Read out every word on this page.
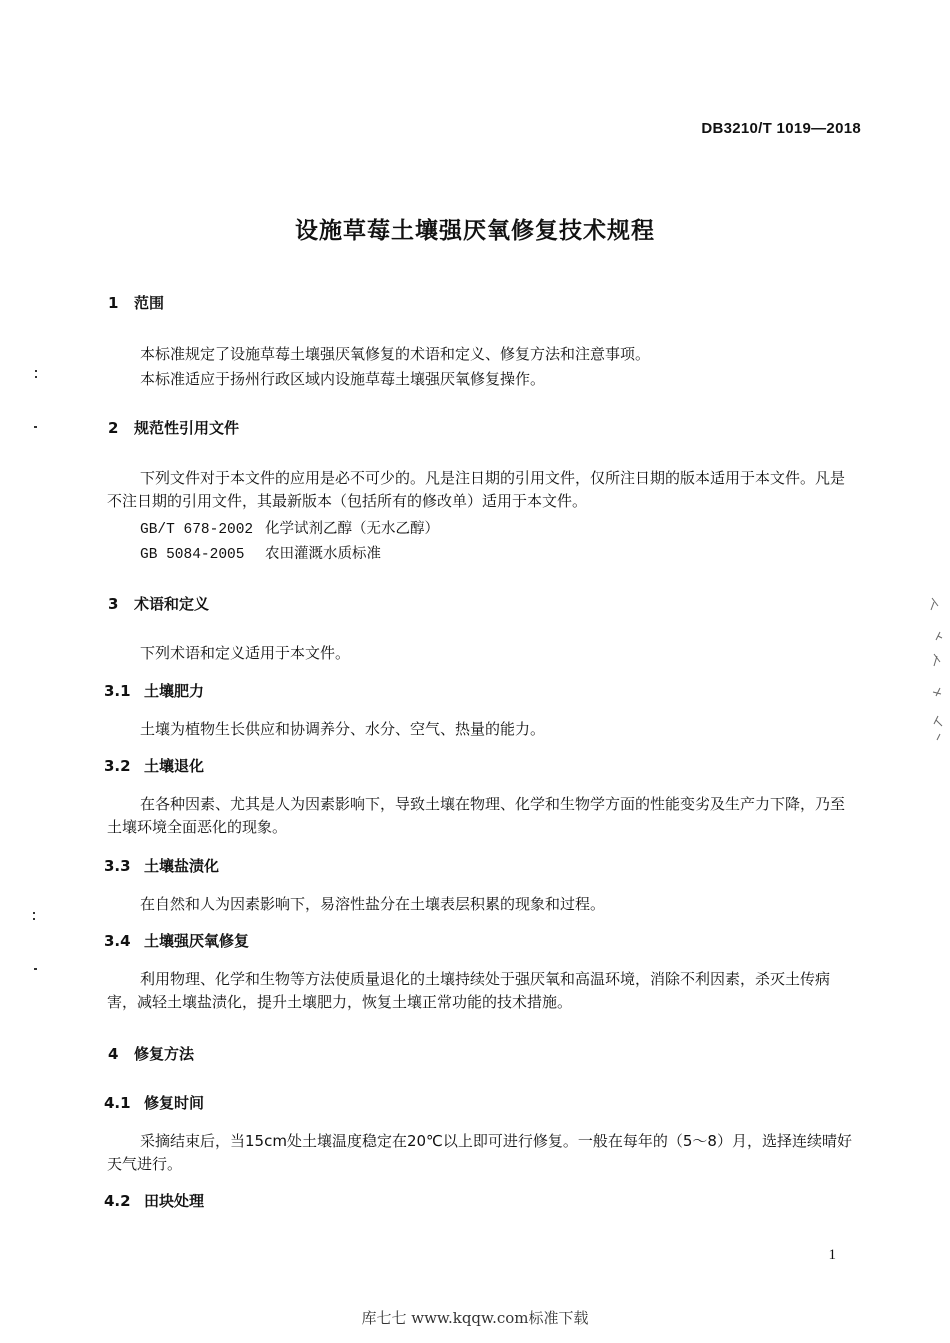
DB3210/T 1019—2018
设施草莓土壤强厌氧修复技术规程
1 范围
本标准规定了设施草莓土壤强厌氧修复的术语和定义、修复方法和注意事项。
本标准适应于扬州行政区域内设施草莓土壤强厌氧修复操作。
2 规范性引用文件
下列文件对于本文件的应用是必不可少的。凡是注日期的引用文件，仅所注日期的版本适用于本文件。凡是不注日期的引用文件，其最新版本（包括所有的修改单）适用于本文件。
GB/T 678-2002 化学试剂乙醇（无水乙醇）
GB 5084-2005 农田灌溉水质标准
3 术语和定义
下列术语和定义适用于本文件。
3.1 土壤肥力
土壤为植物生长供应和协调养分、水分、空气、热量的能力。
3.2 土壤退化
在各种因素、尤其是人为因素影响下，导致土壤在物理、化学和生物学方面的性能变劣及生产力下降，乃至土壤环境全面恶化的现象。
3.3 土壤盐渍化
在自然和人为因素影响下，易溶性盐分在土壤表层积累的现象和过程。
3.4 土壤强厌氧修复
利用物理、化学和生物等方法使质量退化的土壤持续处于强厌氧和高温环境，消除不利因素，杀灭土传病害，减轻土壤盐渍化，提升土壤肥力，恢复土壤正常功能的技术措施。
4 修复方法
4.1 修复时间
采摘结束后，当15cm处土壤温度稳定在20℃以上即可进行修复。一般在每年的（5～8）月，选择连续晴好天气进行。
4.2 田块处理
1
库七七 www.kqqw.com标准下载
